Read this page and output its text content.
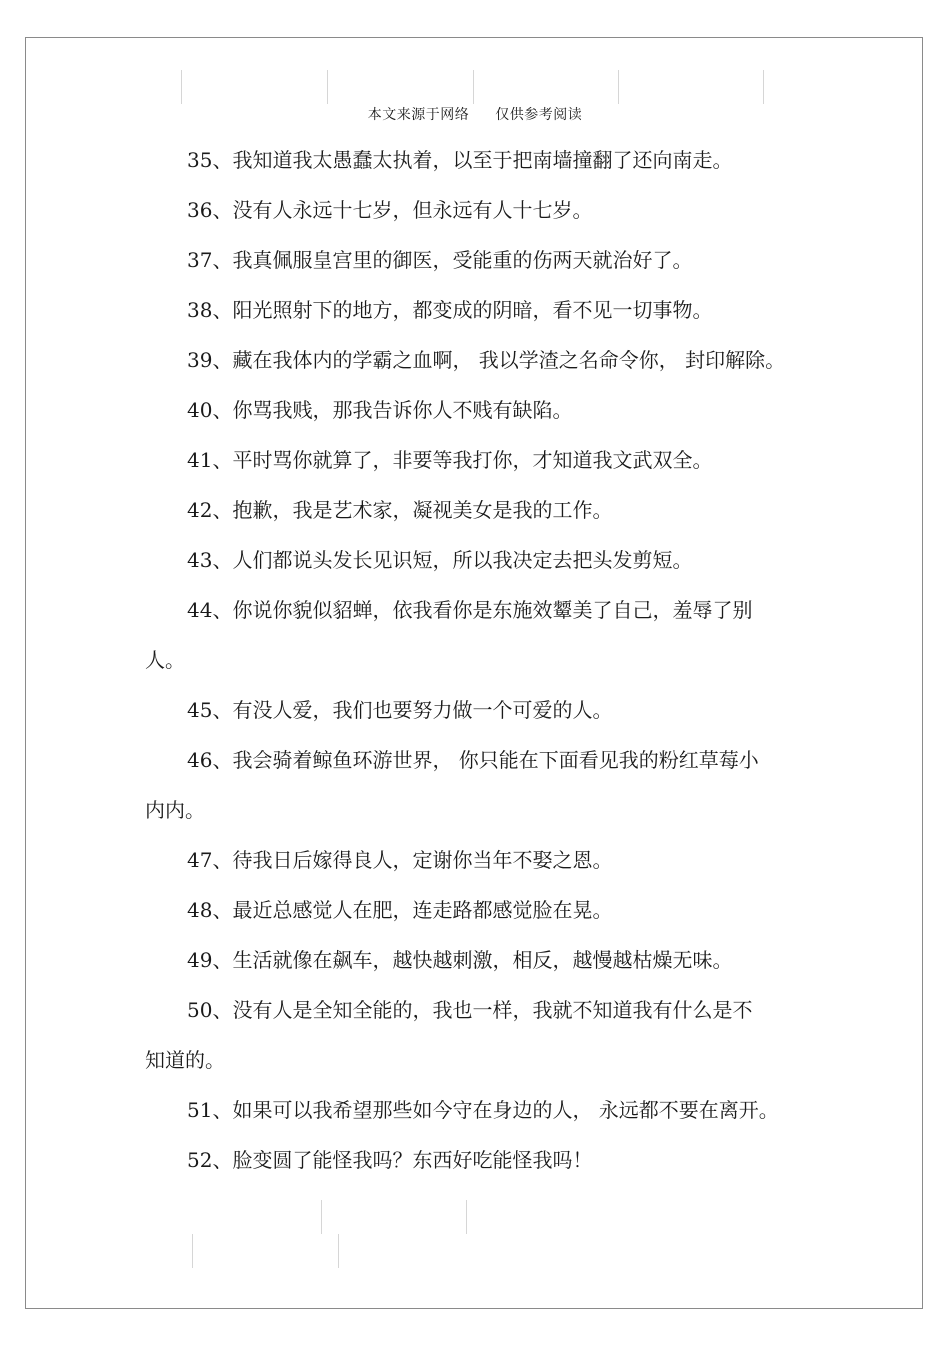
本文来源于网络 仅供参考阅读
35、我知道我太愚蠢太执着，以至于把南墙撞翻了还向南走。
36、没有人永远十七岁，但永远有人十七岁。
37、我真佩服皇宫里的御医，受能重的伤两天就治好了。
38、阳光照射下的地方，都变成的阴暗，看不见一切事物。
39、藏在我体内的学霸之血啊， 我以学渣之名命令你， 封印解除。
40、你骂我贱，那我告诉你人不贱有缺陷。
41、平时骂你就算了，非要等我打你，才知道我文武双全。
42、抱歉，我是艺术家，凝视美女是我的工作。
43、人们都说头发长见识短，所以我决定去把头发剪短。
44、你说你貌似貂蝉，依我看你是东施效颦美了自己，羞辱了别
人。
45、有没人爱，我们也要努力做一个可爱的人。
46、我会骑着鲸鱼环游世界， 你只能在下面看见我的粉红草莓小
内内。
47、待我日后嫁得良人，定谢你当年不娶之恩。
48、最近总感觉人在肥，连走路都感觉脸在晃。
49、生活就像在飙车，越快越刺激，相反，越慢越枯燥无味。
50、没有人是全知全能的，我也一样，我就不知道我有什么是不
知道的。
51、如果可以我希望那些如今守在身边的人， 永远都不要在离开。
52、脸变圆了能怪我吗？东西好吃能怪我吗！
